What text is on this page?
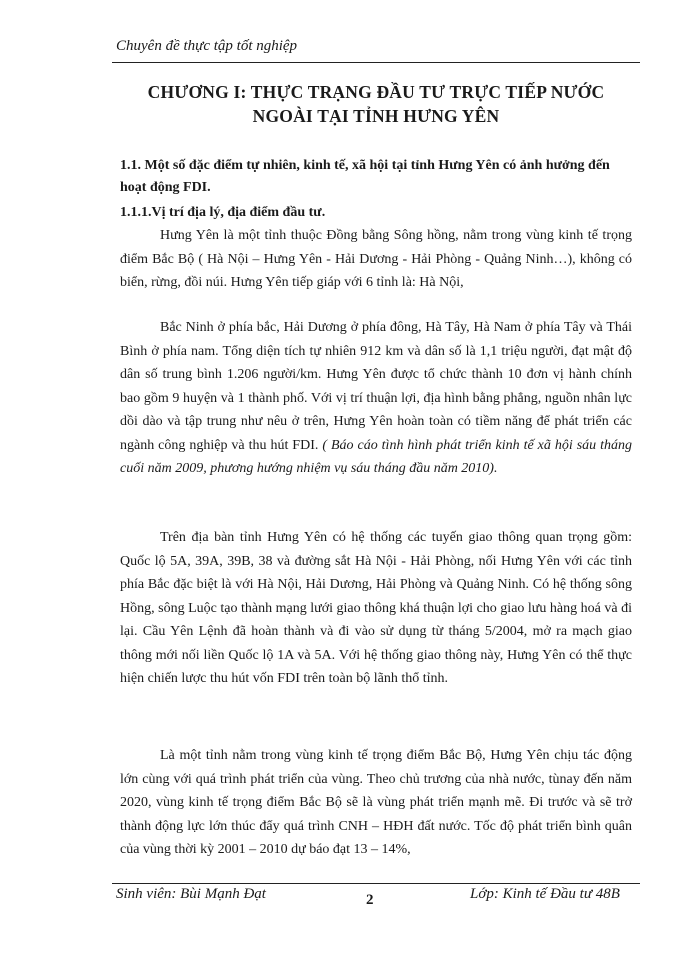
Chuyên đề thực tập tốt nghiệp
CHƯƠNG I: THỰC TRẠNG ĐẦU TƯ TRỰC TIẾP NƯỚC
NGOÀI TẠI TỈNH HƯNG YÊN
1.1. Một số đặc điểm tự nhiên, kinh tế, xã hội tại tỉnh Hưng Yên có ảnh hưởng đến hoạt động FDI.
1.1.1.Vị trí địa lý, địa điểm đầu tư.
Hưng Yên là một tỉnh thuộc Đồng bằng Sông hồng, nằm trong vùng kinh tế trọng điểm Bắc Bộ ( Hà Nội – Hưng Yên - Hải Dương - Hải Phòng - Quảng Ninh…), không có biển, rừng, đồi núi. Hưng Yên tiếp giáp với 6 tỉnh là: Hà Nội,
Bắc Ninh ở phía bắc, Hải Dương ở phía đông, Hà Tây, Hà Nam ở phía Tây và Thái Bình ở phía nam. Tổng diện tích tự nhiên 912 km và dân số là 1,1 triệu người, đạt mật độ dân số trung bình 1.206 người/km. Hưng Yên được tổ chức thành 10 đơn vị hành chính bao gồm 9 huyện và 1 thành phố. Với vị trí thuận lợi, địa hình bằng phẳng, nguồn nhân lực dồi dào và tập trung như nêu ở trên, Hưng Yên hoàn toàn có tiềm năng để phát triển các ngành công nghiệp và thu hút FDI. ( Báo cáo tình hình phát triển kinh tế xã hội sáu tháng cuối năm 2009, phương hướng nhiệm vụ sáu tháng đầu năm 2010).
Trên địa bàn tỉnh Hưng Yên có hệ thống các tuyến giao thông quan trọng gồm: Quốc lộ 5A, 39A, 39B, 38 và đường sắt Hà Nội - Hải Phòng, nối Hưng Yên với các tỉnh phía Bắc đặc biệt là với Hà Nội, Hải Dương, Hải Phòng và Quảng Ninh. Có hệ thống sông Hồng, sông Luộc tạo thành mạng lưới giao thông khá thuận lợi cho giao lưu hàng hoá và đi lại. Cầu Yên Lệnh đã hoàn thành và đi vào sử dụng từ tháng 5/2004, mở ra mạch giao thông mới nối liền Quốc lộ 1A và 5A. Với hệ thống giao thông này, Hưng Yên có thể thực hiện chiến lược thu hút vốn FDI trên toàn bộ lãnh thổ tỉnh.
Là một tỉnh nằm trong vùng kinh tế trọng điểm Bắc Bộ, Hưng Yên chịu tác động lớn cùng với quá trình phát triển của vùng. Theo chủ trương của nhà nước, tùnay đến năm 2020, vùng kinh tế trọng điểm Bắc Bộ sẽ là vùng phát triển mạnh mẽ. Đi trước và sẽ trở thành động lực lớn thúc đẩy quá trình CNH – HĐH đất nước. Tốc độ phát triển bình quân của vùng thời kỳ 2001 – 2010 dự báo đạt 13 – 14%,
Sinh viên: Bùi Mạnh Đạt	2	Lớp: Kinh tế Đầu tư 48B
